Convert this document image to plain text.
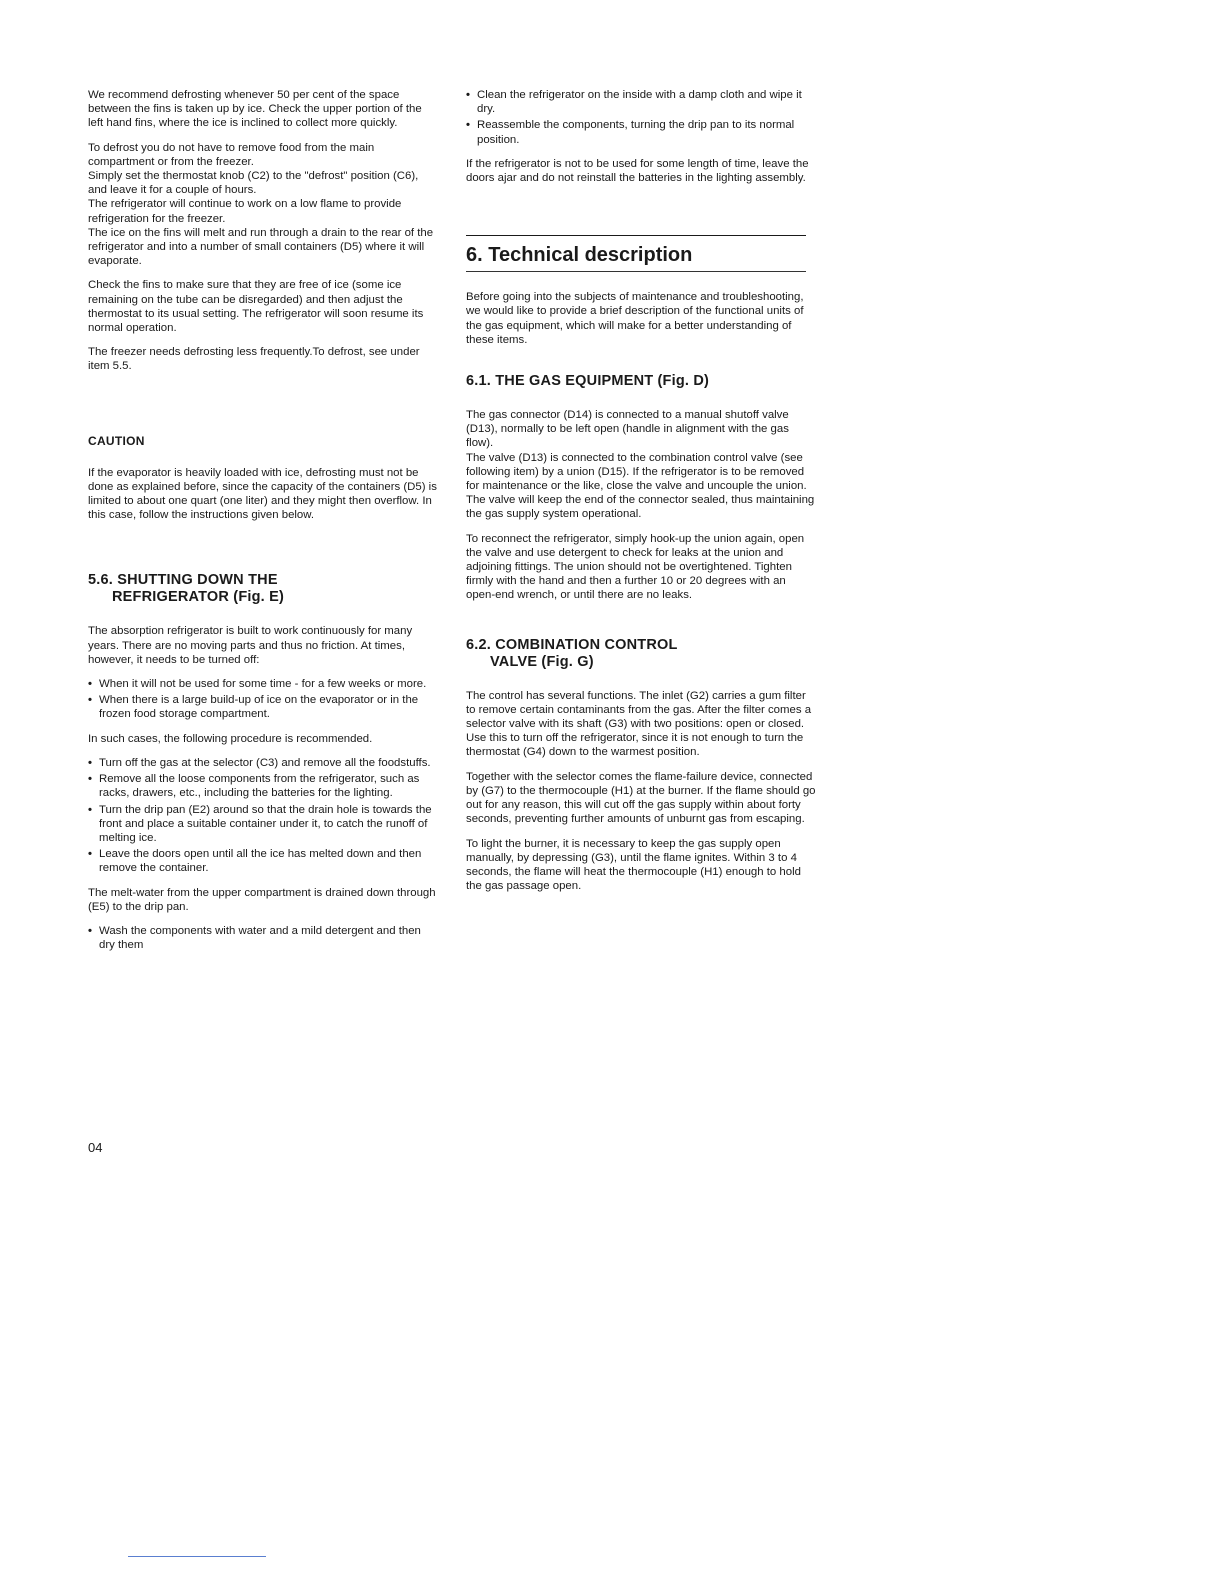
We recommend defrosting whenever 50 per cent of the space between the fins is taken up by ice. Check the upper portion of the left hand fins, where the ice is inclined to collect more quickly.

To defrost you do not have to remove food from the main compartment or from the freezer.

Simply set the thermostat knob (C2) to the "defrost" position (C6), and leave it for a couple of hours.

The refrigerator will continue to work on a low flame to provide refrigeration for the freezer.

The ice on the fins will melt and run through a drain to the rear of the refrigerator and into a number of small containers (D5) where it will evaporate.

Check the fins to make sure that they are free of ice (some ice remaining on the tube can be disregarded) and then adjust the thermostat to its usual setting. The refrigerator will soon resume its normal operation.

The freezer needs defrosting less frequently.To defrost, see under item 5.5.

CAUTION

If the evaporator is heavily loaded with ice, defrosting must not be done as explained before, since the capacity of the containers (D5) is limited to about one quart (one liter) and they might then overflow. In this case, follow the instructions given below.

5.6. SHUTTING DOWN THE
REFRIGERATOR (Fig. E)

The absorption refrigerator is built to work continuously for many years. There are no moving parts and thus no friction. At times, however, it needs to be turned off:

• When it will not be used for some time - for a few weeks or more.
• When there is a large build-up of ice on the evaporator or in the frozen food storage compartment.

In such cases, the following procedure is recommended.

• Turn off the gas at the selector (C3) and remove all the foodstuffs.
• Remove all the loose components from the refrigerator, such as racks, drawers, etc., including the batteries for the lighting.
• Turn the drip pan (E2) around so that the drain hole is towards the front and place a suitable container under it, to catch the runoff of melting ice.
• Leave the doors open until all the ice has melted down and then remove the container.

The melt-water from the upper compartment is drained down through (E5) to the drip pan.

• Wash the components with water and a mild detergent and then dry them
• Clean the refrigerator on the inside with a damp cloth and wipe it dry.
• Reassemble the components, turning the drip pan to its normal position.

If the refrigerator is not to be used for some length of time, leave the doors ajar and do not reinstall the batteries in the lighting assembly.

6. Technical description

Before going into the subjects of maintenance and troubleshooting, we would like to provide a brief description of the functional units of the gas equipment, which will make for a better understanding of these items.

6.1. THE GAS EQUIPMENT (Fig. D)

The gas connector (D14) is connected to a manual shutoff valve (D13), normally to be left open (handle in alignment with the gas flow).

The valve (D13) is connected to the combination control valve (see following item) by a union (D15). If the refrigerator is to be removed for maintenance or the like, close the valve and uncouple the union. The valve will keep the end of the connector sealed, thus maintaining the gas supply system operational.

To reconnect the refrigerator, simply hook-up the union again, open the valve and use detergent to check for leaks at the union and adjoining fittings. The union should not be overtightened. Tighten firmly with the hand and then a further 10 or 20 degrees with an open-end wrench, or until there are no leaks.

6.2. COMBINATION CONTROL
VALVE (Fig. G)

The control has several functions. The inlet (G2) carries a gum filter to remove certain contaminants from the gas. After the filter comes a selector valve with its shaft (G3) with two positions: open or closed. Use this to turn off the refrigerator, since it is not enough to turn the thermostat (G4) down to the warmest position.

Together with the selector comes the flame-failure device, connected by (G7) to the thermocouple (H1) at the burner. If the flame should go out for any reason, this will cut off the gas supply within about forty seconds, preventing further amounts of unburnt gas from escaping.

To light the burner, it is necessary to keep the gas supply open manually, by depressing (G3), until the flame ignites. Within 3 to 4 seconds, the flame will heat the thermocouple (H1) enough to hold the gas passage open.

04
